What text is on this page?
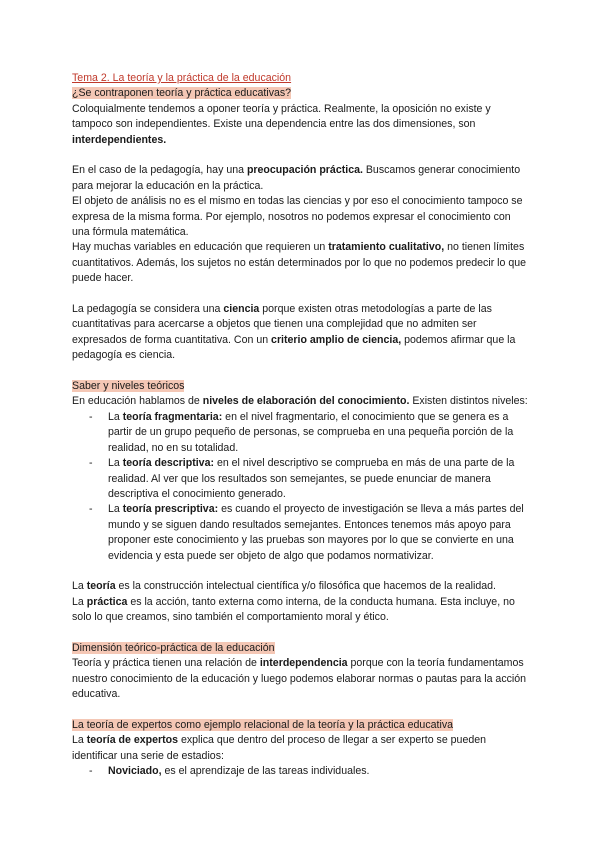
Tema 2. La teoría y la práctica de la educación

¿Se contraponen teoría y práctica educativas?

Coloquialmente tendemos a oponer teoría y práctica. Realmente, la oposición no existe y tampoco son independientes. Existe una dependencia entre las dos dimensiones, son interdependientes.

En el caso de la pedagogía, hay una preocupación práctica. Buscamos generar conocimiento para mejorar la educación en la práctica.

El objeto de análisis no es el mismo en todas las ciencias y por eso el conocimiento tampoco se expresa de la misma forma. Por ejemplo, nosotros no podemos expresar el conocimiento con una fórmula matemática.

Hay muchas variables en educación que requieren un tratamiento cualitativo, no tienen límites cuantitativos. Además, los sujetos no están determinados por lo que no podemos predecir lo que puede hacer.

La pedagogía se considera una ciencia porque existen otras metodologías a parte de las cuantitativas para acercarse a objetos que tienen una complejidad que no admiten ser expresados de forma cuantitativa. Con un criterio amplio de ciencia, podemos afirmar que la pedagogía es ciencia.

Saber y niveles teóricos

En educación hablamos de niveles de elaboración del conocimiento. Existen distintos niveles:

- La teoría fragmentaria: en el nivel fragmentario, el conocimiento que se genera es a partir de un grupo pequeño de personas, se comprueba en una pequeña porción de la realidad, no en su totalidad.
- La teoría descriptiva: en el nivel descriptivo se comprueba en más de una parte de la realidad. Al ver que los resultados son semejantes, se puede enunciar de manera descriptiva el conocimiento generado.
- La teoría prescriptiva: es cuando el proyecto de investigación se lleva a más partes del mundo y se siguen dando resultados semejantes. Entonces tenemos más apoyo para proponer este conocimiento y las pruebas son mayores por lo que se convierte en una evidencia y esta puede ser objeto de algo que podamos normativizar.

La teoría es la construcción intelectual científica y/o filosófica que hacemos de la realidad.

La práctica es la acción, tanto externa como interna, de la conducta humana. Esta incluye, no solo lo que creamos, sino también el comportamiento moral y ético.

Dimensión teórico-práctica de la educación

Teoría y práctica tienen una relación de interdependencia porque con la teoría fundamentamos nuestro conocimiento de la educación y luego podemos elaborar normas o pautas para la acción educativa.

La teoría de expertos como ejemplo relacional de la teoría y la práctica educativa

La teoría de expertos explica que dentro del proceso de llegar a ser experto se pueden identificar una serie de estadios:

- Noviciado, es el aprendizaje de las tareas individuales.
